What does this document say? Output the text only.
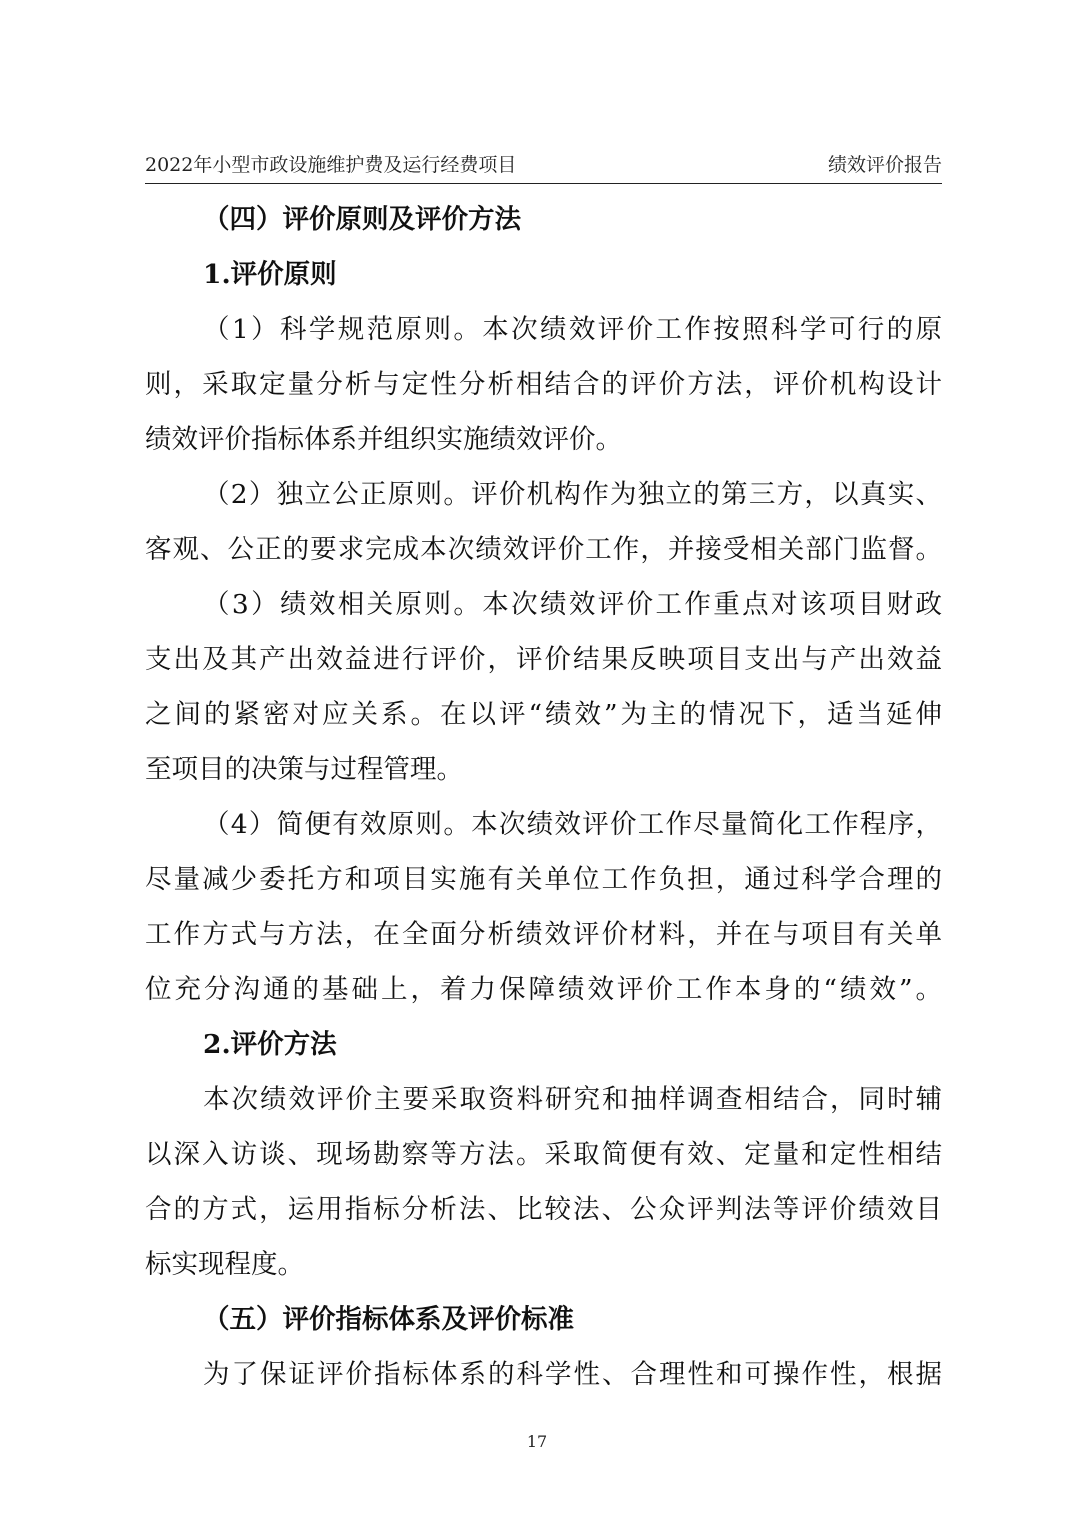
2022年小型市政设施维护费及运行经费项目	绩效评价报告
（四）评价原则及评价方法
1.评价原则
（1）科学规范原则。本次绩效评价工作按照科学可行的原
则，采取定量分析与定性分析相结合的评价方法，评价机构设计
绩效评价指标体系并组织实施绩效评价。
（2）独立公正原则。评价机构作为独立的第三方，以真实、
客观、公正的要求完成本次绩效评价工作，并接受相关部门监督。
（3）绩效相关原则。本次绩效评价工作重点对该项目财政
支出及其产出效益进行评价，评价结果反映项目支出与产出效益
之间的紧密对应关系。在以评“绩效”为主的情况下，适当延伸
至项目的决策与过程管理。
（4）简便有效原则。本次绩效评价工作尽量简化工作程序，
尽量减少委托方和项目实施有关单位工作负担，通过科学合理的
工作方式与方法，在全面分析绩效评价材料，并在与项目有关单
位充分沟通的基础上，着力保障绩效评价工作本身的“绩效”。
2.评价方法
本次绩效评价主要采取资料研究和抽样调查相结合，同时辅
以深入访谈、现场勘察等方法。采取简便有效、定量和定性相结
合的方式，运用指标分析法、比较法、公众评判法等评价绩效目
标实现程度。
（五）评价指标体系及评价标准
为了保证评价指标体系的科学性、合理性和可操作性，根据
17
